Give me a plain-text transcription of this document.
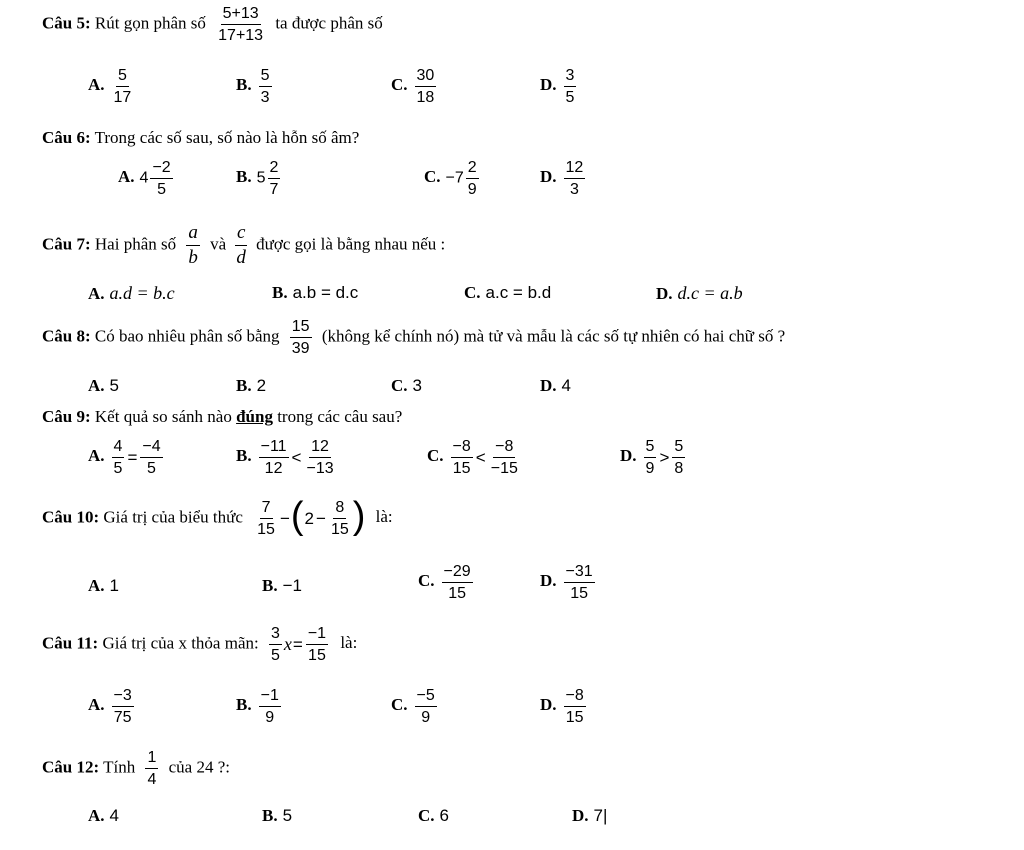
Câu 5: Rút gọn phân số $\frac{5+13}{17+13}$ ta được phân số
A. $\frac{5}{17}$	B. $\frac{5}{3}$	C. $\frac{30}{18}$	D. $\frac{3}{5}$
Câu 6: Trong các số sau, số nào là hỗn số âm?
A. $4 \frac{-2}{5}$	B. $5 \frac{2}{7}$	C. $-7 \frac{2}{9}$	D. $\frac{12}{3}$
Câu 7: Hai phân số $\frac{a}{b}$ và $\frac{c}{d}$ được gọi là bằng nhau nếu :
A. a.d = b.c	B. a.b = d.c	C. a.c = b.d	D. d.c = a.b
Câu 8: Có bao nhiêu phân số bằng $\frac{15}{39}$ (không kể chính nó) mà tử và mẫu là các số tự nhiên có hai chữ số ?
A. 5	B. 2	C. 3	D. 4
Câu 9: Kết quả so sánh nào đúng trong các câu sau?
A. $\frac{4}{5} = \frac{-4}{5}$	B. $\frac{-11}{12} < \frac{12}{-13}$	C. $\frac{-8}{15} < \frac{-8}{-15}$	D. $\frac{5}{9} > \frac{5}{8}$
Câu 10: Giá trị của biểu thức $\frac{7}{15} -(2 - \frac{8}{15}$ ) là:
A. 1	B. −1	C. $\frac{-29}{15}$	D. $\frac{-31}{15}$
Câu 11: Giá trị của x thỏa mãn: $\frac{3}{5} x= \frac{-1}{15}$ là:
A. $\frac{-3}{75}$	B. $\frac{-1}{9}$	C. $\frac{-5}{9}$	D. $\frac{-8}{15}$
Câu 12: Tính $\frac{1}{4}$ của 24 ?:
A. 4	B. 5	C. 6	D. 7|
